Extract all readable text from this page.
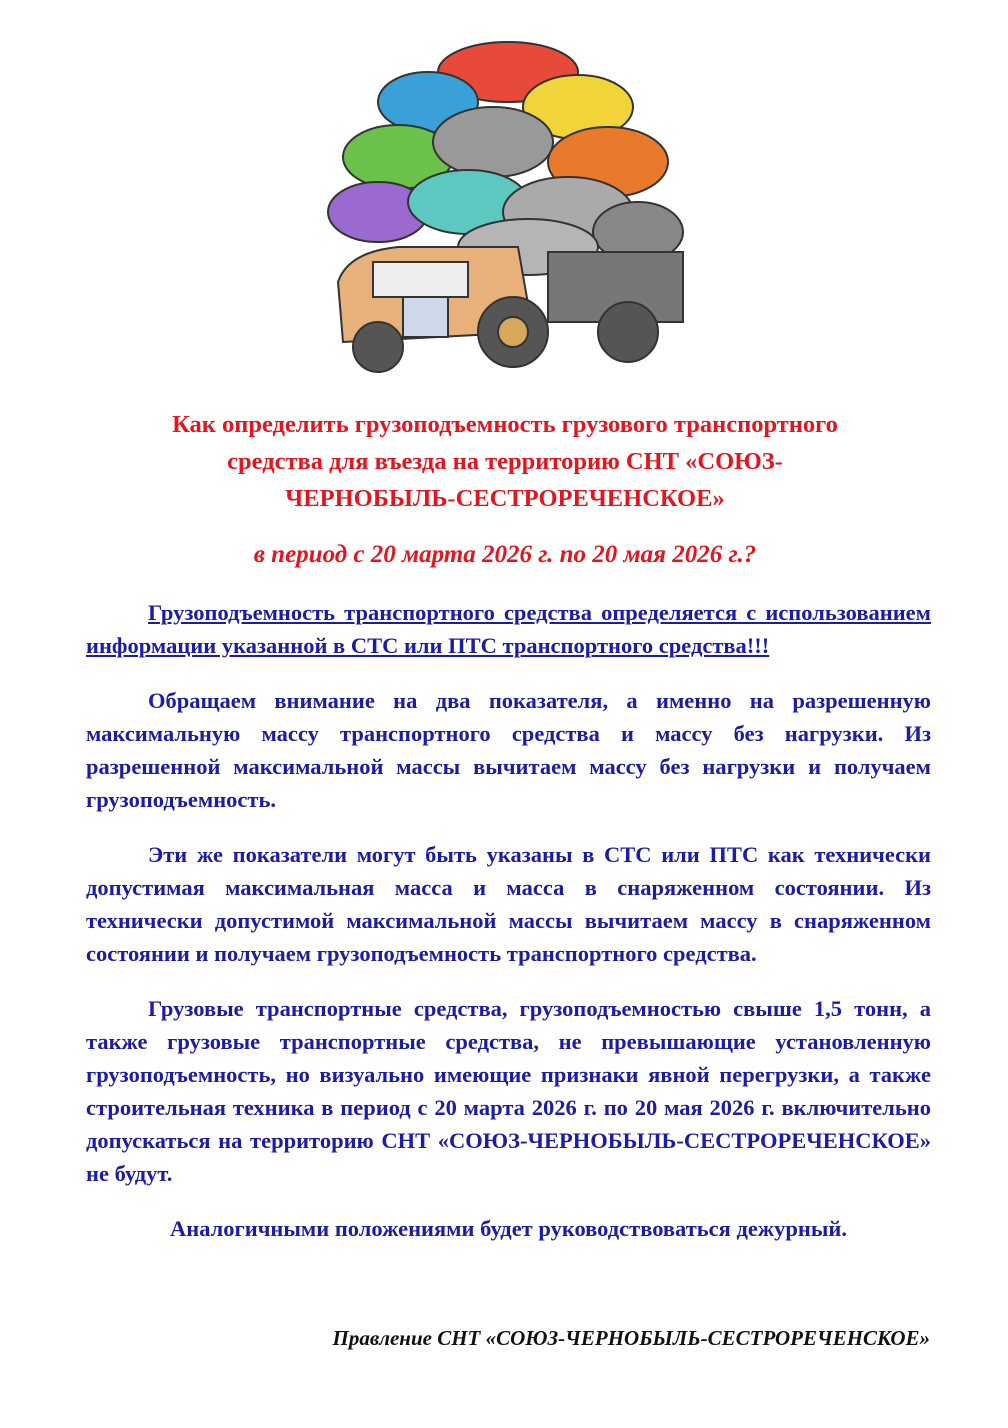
Как определить грузоподъемность грузового транспортного
средства для въезда на территорию СНТ «СОЮЗ-
ЧЕРНОБЫЛЬ-СЕСТРОРЕЧЕНСКОЕ»
в период с 20 марта 2026 г. по 20 мая 2026 г.?

Грузоподъемность транспортного средства определяется с использованием информации указанной в СТС или ПТС транспортного средства!!!

Обращаем внимание на два показателя, а именно на разрешенную максимальную массу транспортного средства и массу без нагрузки. Из разрешенной максимальной массы вычитаем массу без нагрузки и получаем грузоподъемность.

Эти же показатели могут быть указаны в СТС или ПТС как технически допустимая максимальная масса и масса в снаряженном состоянии. Из технически допустимой максимальной массы вычитаем массу в снаряженном состоянии и получаем грузоподъемность транспортного средства.

Грузовые транспортные средства, грузоподъемностью свыше 1,5 тонн, а также грузовые транспортные средства, не превышающие установленную грузоподъемность, но визуально имеющие признаки явной перегрузки, а также строительная техника в период с 20 марта 2026 г. по 20 мая 2026 г. включительно допускаться на территорию СНТ «СОЮЗ-ЧЕРНОБЫЛЬ-СЕСТРОРЕЧЕНСКОЕ» не будут.

Аналогичными положениями будет руководствоваться дежурный.

Правление СНТ «СОЮЗ-ЧЕРНОБЫЛЬ-СЕСТРОРЕЧЕНСКОЕ»
